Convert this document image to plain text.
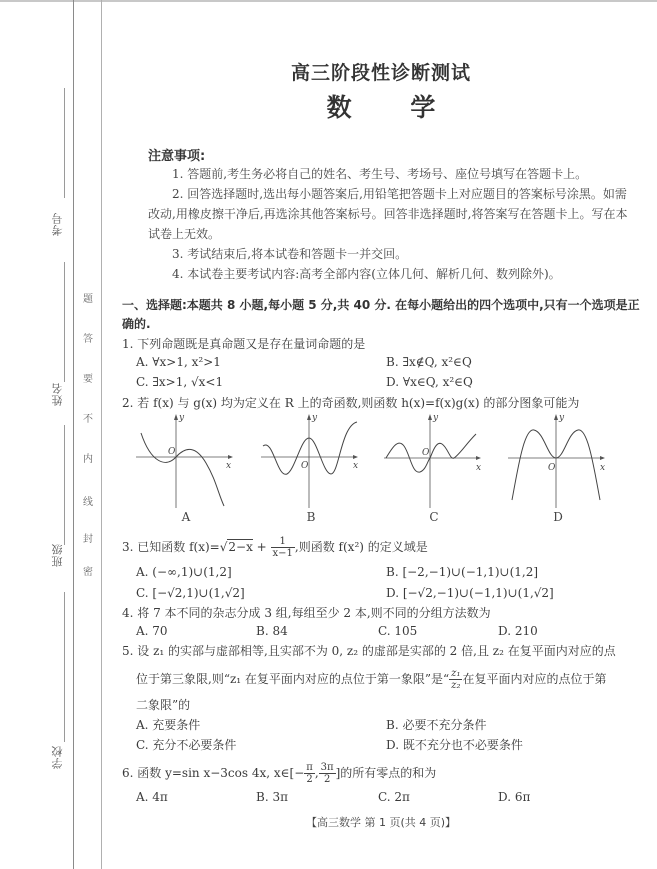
考号
姓名
班级
学校
题
答
要
不
内
线
封
密
高三阶段性诊断测试
数 学
注意事项:
1. 答题前,考生务必将自己的姓名、考生号、考场号、座位号填写在答题卡上。
2. 回答选择题时,选出每小题答案后,用铅笔把答题卡上对应题目的答案标号涂黑。如需改动,用橡皮擦干净后,再选涂其他答案标号。回答非选择题时,将答案写在答题卡上。写在本试卷上无效。
3. 考试结束后,将本试卷和答题卡一并交回。
4. 本试卷主要考试内容:高考全部内容(立体几何、解析几何、数列除外)。
一、选择题:本题共 8 小题,每小题 5 分,共 40 分. 在每小题给出的四个选项中,只有一个选项是正确的.
1. 下列命题既是真命题又是存在量词命题的是
A. ∀x>1, x²>1	B. ∃x∉Q, x²∈Q
C. ∃x>1, √x<1	D. ∀x∈Q, x²∈Q
2. 若 f(x) 与 g(x) 均为定义在 R 上的奇函数,则函数 h(x)=f(x)g(x) 的部分图象可能为
y
x
O
A
y
x
O
B
y
x
O
C
y
x
O
D
3. 已知函数 $f(x)=√2-x + \frac{1}{x-1}$ ,则函数 f(x²) 的定义域是
A. (−∞,1)∪(1,2]	B. [−2,−1)∪(−1,1)∪(1,2]
C. [−√2,1)∪(1,√2]	D. [−√2,−1)∪(−1,1)∪(1,√2]
4. 将 7 本不同的杂志分成 3 组,每组至少 2 本,则不同的分组方法数为
A. 70	B. 84	C. 105	D. 210
5. 设 z₁ 的实部与虚部相等,且实部不为 0, z₂ 的虚部是实部的 2 倍,且 z₂ 在复平面内对应的点
位于第三象限,则“z₁ 在复平面内对应的点位于第一象限”是“ $\frac{\text{z₁}}{\text{z₂}}$ 在复平面内对应的点位于第
二象限”的
A. 充要条件	B. 必要不充分条件
C. 充分不必要条件	D. 既不充分也不必要条件
6. 函数 y=sin x−3cos 4x, x∈[− $\frac{\pi}{2}$ , $\frac{3\pi}{2}$ ]的所有零点的和为
A. 4π	B. 3π	C. 2π	D. 6π
【高三数学 第 1 页(共 4 页)】
